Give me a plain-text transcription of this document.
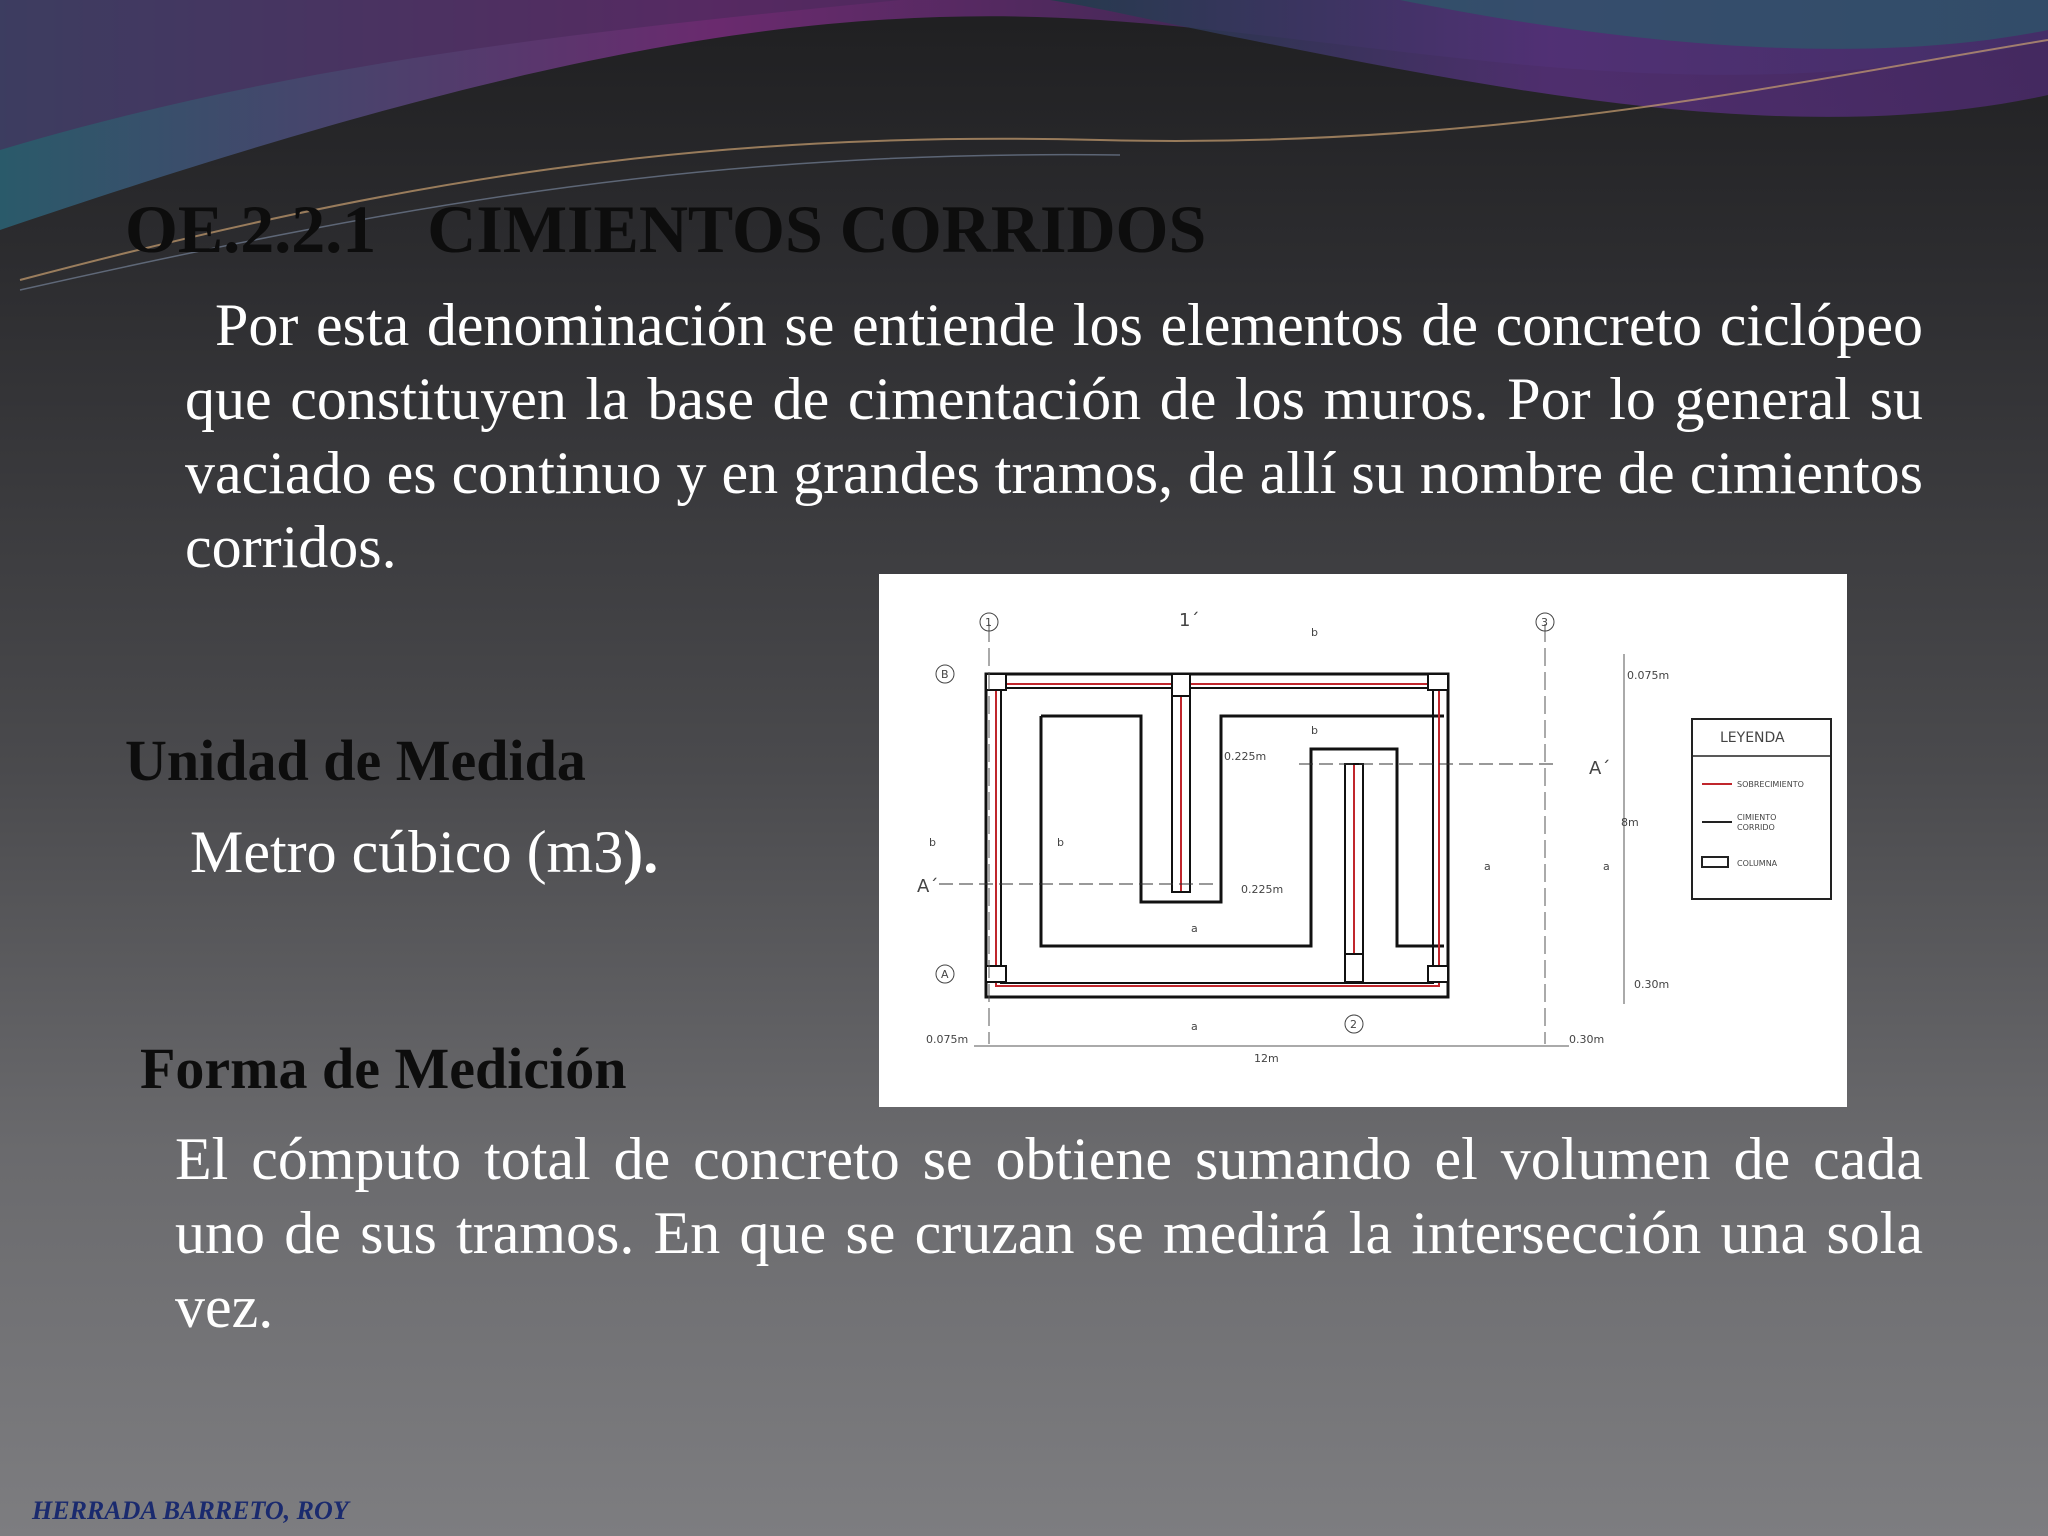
OE.2.2.1   CIMIENTOS CORRIDOS

Por esta denominación se entiende los elementos de concreto ciclópeo que constituyen la base de cimentación de los muros. Por lo general su vaciado es continuo y en grandes tramos, de allí su nombre de cimientos corridos.

Unidad de Medida
Metro cúbico (m3).
Forma de Medición

El cómputo total de concreto se obtiene sumando el volumen de cada uno de sus tramos. En que se cruzan se medirá la intersección una sola vez.

1	1´	3
B
A
2
A´
A´
b	b
b
b
a	a
a
a
0.075m
8m
0.30m
0.225m
0.225m
0.075m
12m
0.30m
LEYENDA
SOBRECIMIENTO
CIMIENTO
CORRIDO
COLUMNA
HERRADA BARRETO, ROY
